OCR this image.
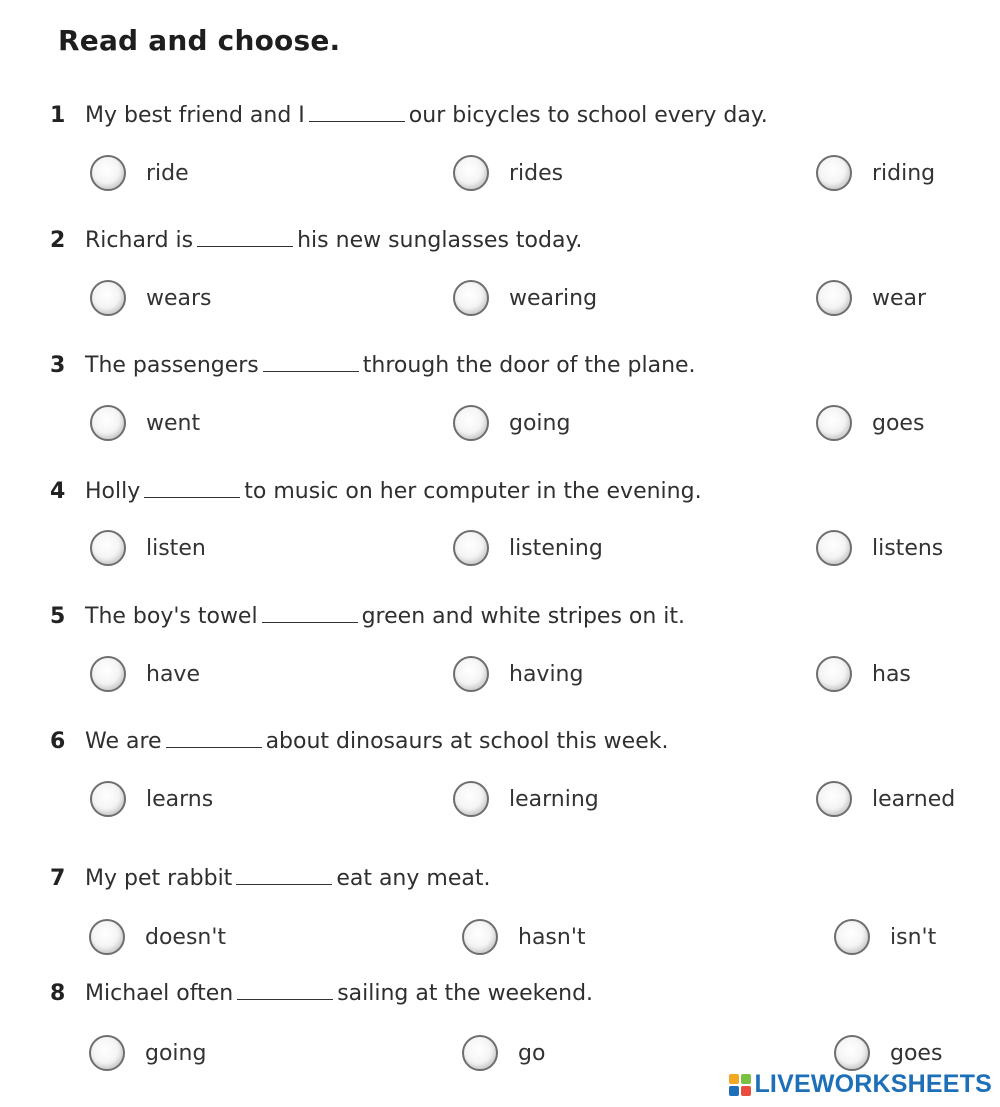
Read and choose.
1 My best friend and I	our bicycles to school every day.
ride	rides	riding
2 Richard is	his new sunglasses today.
wears	wearing	wear
3 The passengers	through the door of the plane.
went	going	goes
4 Holly	to music on her computer in the evening.
listen	listening	listens
5 The boy's towel	green and white stripes on it.
have	having	has
6 We are	about dinosaurs at school this week.
learns	learning	learned
7 My pet rabbit	eat any meat.
doesn't	hasn't	isn't
8 Michael often	sailing at the weekend.
going	go	goes
LIVEWORKSHEETS
